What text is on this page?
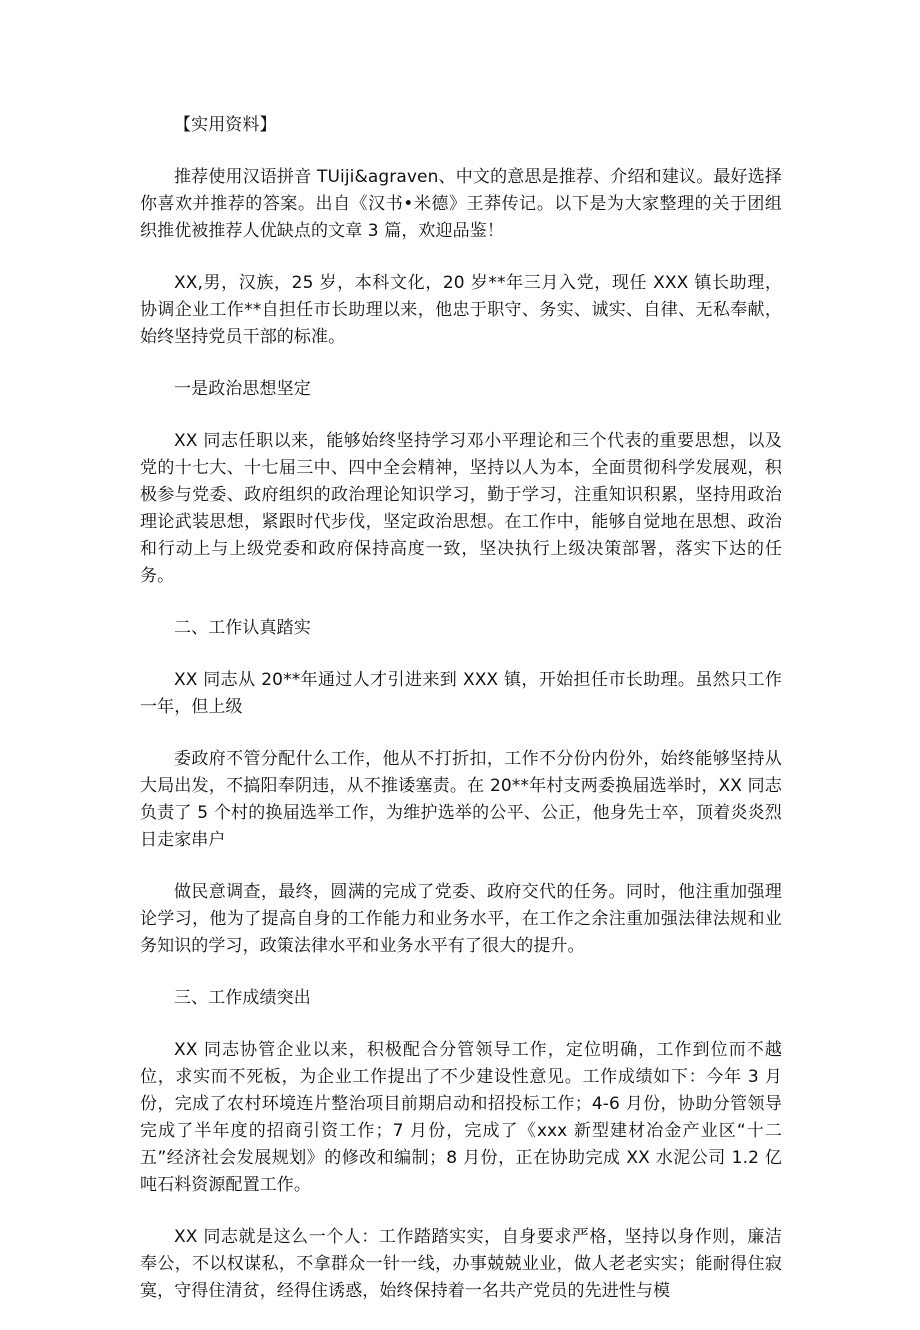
【实用资料】

推荐使用汉语拼音 TUiji&agraven、中文的意思是推荐、介绍和建议。最好选择你喜欢并推荐的答案。出自《汉书•米德》王莽传记。以下是为大家整理的关于团组织推优被推荐人优缺点的文章 3 篇，欢迎品鉴！

XX,男，汉族，25 岁，本科文化，20 岁**年三月入党，现任 XXX 镇长助理，协调企业工作**自担任市长助理以来，他忠于职守、务实、诚实、自律、无私奉献，始终坚持党员干部的标准。

一是政治思想坚定

XX 同志任职以来，能够始终坚持学习邓小平理论和三个代表的重要思想，以及党的十七大、十七届三中、四中全会精神，坚持以人为本，全面贯彻科学发展观，积极参与党委、政府组织的政治理论知识学习，勤于学习，注重知识积累，坚持用政治理论武装思想，紧跟时代步伐，坚定政治思想。在工作中，能够自觉地在思想、政治和行动上与上级党委和政府保持高度一致，坚决执行上级决策部署，落实下达的任务。

二、工作认真踏实

XX 同志从 20**年通过人才引进来到 XXX 镇，开始担任市长助理。虽然只工作一年，但上级

委政府不管分配什么工作，他从不打折扣，工作不分份内份外，始终能够坚持从大局出发，不搞阳奉阴违，从不推诿塞责。在 20**年村支两委换届选举时，XX 同志负责了 5 个村的换届选举工作，为维护选举的公平、公正，他身先士卒，顶着炎炎烈日走家串户

做民意调查，最终，圆满的完成了党委、政府交代的任务。同时，他注重加强理论学习，他为了提高自身的工作能力和业务水平，在工作之余注重加强法律法规和业务知识的学习，政策法律水平和业务水平有了很大的提升。

三、工作成绩突出

XX 同志协管企业以来，积极配合分管领导工作，定位明确，工作到位而不越位，求实而不死板，为企业工作提出了不少建设性意见。工作成绩如下：今年 3 月份，完成了农村环境连片整治项目前期启动和招投标工作；4-6 月份，协助分管领导完成了半年度的招商引资工作；7 月份，完成了《xxx 新型建材冶金产业区“十二五”经济社会发展规划》的修改和编制；8 月份，正在协助完成 XX 水泥公司 1.2 亿吨石料资源配置工作。

XX 同志就是这么一个人：工作踏踏实实，自身要求严格，坚持以身作则，廉洁奉公，不以权谋私，不拿群众一针一线，办事兢兢业业，做人老老实实；能耐得住寂寞，守得住清贫，经得住诱惑，始终保持着一名共产党员的先进性与模
